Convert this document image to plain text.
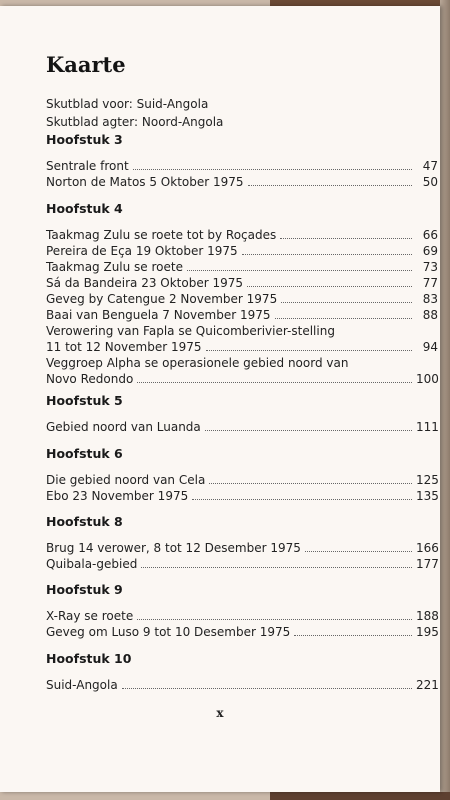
Kaarte
Skutblad voor: Suid-Angola
Skutblad agter: Noord-Angola
Hoofstuk 3
Sentrale front	47
Norton de Matos 5 Oktober 1975	50
Hoofstuk 4
Taakmag Zulu se roete tot by Roçades	66
Pereira de Eça 19 Oktober 1975	69
Taakmag Zulu se roete	73
Sá da Bandeira 23 Oktober 1975	77
Geveg by Catengue 2 November 1975	83
Baai van Benguela 7 November 1975	88
Verowering van Fapla se Quicomberivier-stelling
11 tot 12 November 1975	94
Veggroep Alpha se operasionele gebied noord van
Novo Redondo	100
Hoofstuk 5
Gebied noord van Luanda	111
Hoofstuk 6
Die gebied noord van Cela	125
Ebo 23 November 1975	135
Hoofstuk 8
Brug 14 verower, 8 tot 12 Desember 1975	166
Quibala-gebied	177
Hoofstuk 9
X-Ray se roete	188
Geveg om Luso 9 tot 10 Desember 1975	195
Hoofstuk 10
Suid-Angola	221
x
